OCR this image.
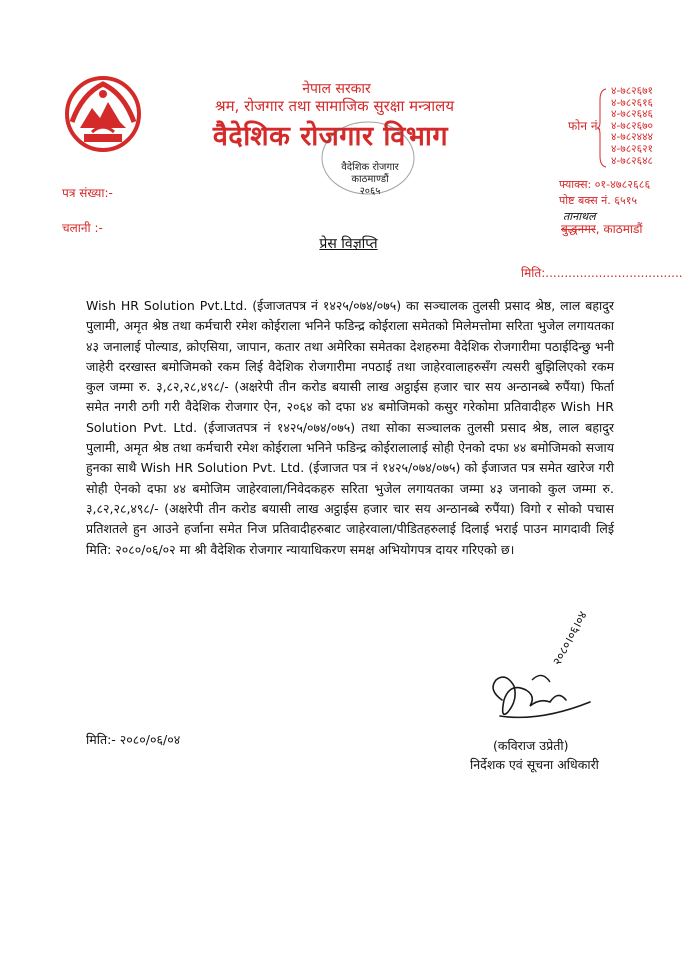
नेपाल सरकार
श्रम, रोजगार तथा सामाजिक सुरक्षा मन्त्रालय
वैदेशिक रोजगार विभाग
वैदेशिक रोजगार
काठमाण्डौं
२०६५
फोन नं.
४-७८२६७१
४-७८२६१६
४-७८२६४६
४-७८२६७०
४-७८२४४४
४-७८२६२१
४-७८२६४८
फ्याक्स: ०१-४७८२६८६
पोष्ट बक्स नं. ६५१५
तानाथल
बुद्धनगर, काठमाडौं
पत्र संख्या:-
चलानी :-
प्रेस विज्ञप्ति
मिति:....................................

Wish HR Solution Pvt.Ltd. (ईजाजतपत्र नं १४२५/०७४/०७५) का सञ्चालक तुलसी प्रसाद श्रेष्ठ, लाल बहादुर पुलामी, अमृत श्रेष्ठ तथा कर्मचारी रमेश कोईराला भनिने फडिन्द्र कोईराला समेतको मिलेमत्तोमा सरिता भुजेल लगायतका ४३ जनालाई पोल्याड, क्रोएसिया, जापान, कतार तथा अमेरिका समेतका देशहरुमा वैदेशिक रोजगारीमा पठाईदिन्छु भनी जाहेरी दरखास्त बमोजिमको रकम लिई वैदेशिक रोजगारीमा नपठाई तथा जाहेरवालाहरुसँग त्यसरी बुझिलिएको रकम कुल जम्मा रु. ३,८२,२८,४९८/- (अक्षरेपी तीन करोड बयासी लाख अट्ठाईस हजार चार सय अन्ठानब्बे रुपैंया) फिर्ता समेत नगरी ठगी गरी वैदेशिक रोजगार ऐन, २०६४ को दफा ४४ बमोजिमको कसुर गरेकोमा प्रतिवादीहरु Wish HR Solution Pvt. Ltd. (ईजाजतपत्र नं १४२५/०७४/०७५) तथा सोका सञ्चालक तुलसी प्रसाद श्रेष्ठ, लाल बहादुर पुलामी, अमृत श्रेष्ठ तथा कर्मचारी रमेश कोईराला भनिने फडिन्द्र कोईरालालाई सोही ऐनको दफा ४४ बमोजिमको सजाय हुनका साथै Wish HR Solution Pvt. Ltd. (ईजाजत पत्र नं १४२५/०७४/०७५) को ईजाजत पत्र समेत खारेज गरी सोही ऐनको दफा ४४ बमोजिम जाहेरवाला/निवेदकहरु सरिता भुजेल लगायतका जम्मा ४३ जनाको कुल जम्मा रु. ३,८२,२८,४९८/- (अक्षरेपी तीन करोड बयासी लाख अट्ठाईस हजार चार सय अन्ठानब्बे रुपैंया) विगो र सोको पचास प्रतिशतले हुन आउने हर्जाना समेत निज प्रतिवादीहरुबाट जाहेरवाला/पीडितहरुलाई दिलाई भराई पाउन मागदावी लिई मिति: २०८०/०६/०२ मा श्री वैदेशिक रोजगार न्यायाधिकरण समक्ष अभियोगपत्र दायर गरिएको छ।

२०८०।०६।०४
(कविराज उप्रेती)
निर्देशक एवं सूचना अधिकारी
मिति:- २०८०/०६/०४
